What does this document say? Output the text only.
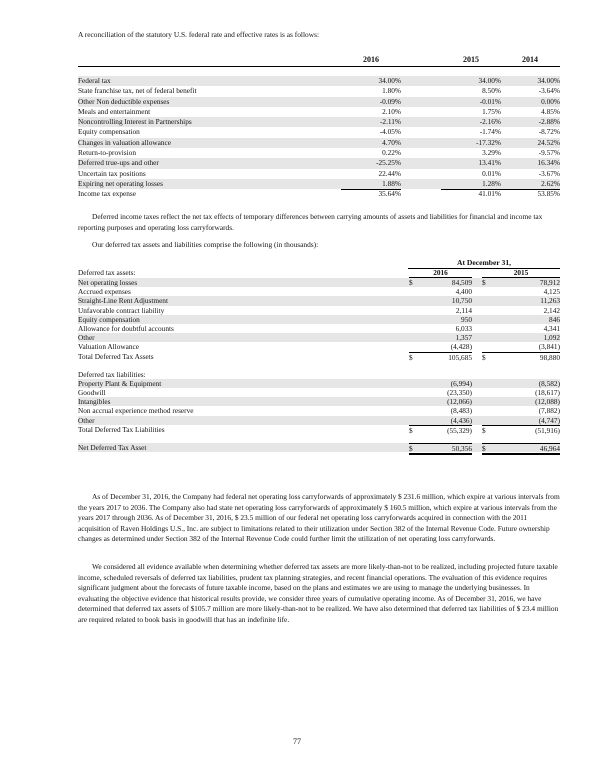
A reconciliation of the statutory U.S. federal rate and effective rates is as follows:

2016	2015	2014
Federal tax	34.00%	34.00%	34.00%
State franchise tax, net of federal benefit	1.80%	8.50%	-3.64%
Other Non deductible expenses	-0.09%	-0.01%	0.00%
Meals and entertainment	2.10%	1.75%	4.85%
Noncontrolling Interest in Partnerships	-2.11%	-2.16%	-2.88%
Equity compensation	-4.05%	-1.74%	-8.72%
Changes in valuation allowance	4.70%	-17.32%	24.52%
Return-to-provision	0.22%	3.29%	-9.57%
Deferred true-ups and other	-25.25%	13.41%	16.34%
Uncertain tax positions	22.44%	0.01%	-3.67%
Expiring net operating losses	1.88%	1.28%	2.62%
Income tax expense	35.64%	41.01%	53.85%

Deferred income taxes reflect the net tax effects of temporary differences between carrying amounts of assets and liabilities for financial and income tax reporting purposes and operating loss carryforwards.

Our deferred tax assets and liabilities comprise the following (in thousands):

At December 31,
Deferred tax assets:	2016	2015
Net operating losses	$	84,509 $	78,912
Accrued expenses	4,400	4,125
Straight-Line Rent Adjustment	10,750	11,263
Unfavorable contract liability	2,114	2,142
Equity compensation	950	846
Allowance for doubtful accounts	6,033	4,341
Other	1,357	1,092
Valuation Allowance	(4,428)	(3,841)
Total Deferred Tax Assets	$	105,685 $	98,880
Deferred tax liabilities:
Property Plant & Equipment	(6,994)	(8,582)
Goodwill	(23,350)	(18,617)
Intangibles	(12,066)	(12,088)
Non accrual experience method reserve	(8,483)	(7,882)
Other	(4,436)	(4,747)
Total Deferred Tax Liabilities	$	(55,329) $	(51,916)
Net Deferred Tax Asset	$	50,356 $	46,964

As of December 31, 2016, the Company had federal net operating loss carryforwards of approximately $ 231.6 million, which expire at various intervals from the years 2017 to 2036. The Company also had state net operating loss carryforwards of approximately $ 160.5 million, which expire at various intervals from the years 2017 through 2036. As of December 31, 2016, $ 23.5 million of our federal net operating loss carryforwards acquired in connection with the 2011 acquisition of Raven Holdings U.S., Inc. are subject to limitations related to their utilization under Section 382 of the Internal Revenue Code. Future ownership changes as determined under Section 382 of the Internal Revenue Code could further limit the utilization of net operating loss carryforwards.

We considered all evidence available when determining whether deferred tax assets are more likely-than-not to be realized, including projected future taxable income, scheduled reversals of deferred tax liabilities, prudent tax planning strategies, and recent financial operations. The evaluation of this evidence requires significant judgment about the forecasts of future taxable income, based on the plans and estimates we are using to manage the underlying businesses. In evaluating the objective evidence that historical results provide, we consider three years of cumulative operating income. As of December 31, 2016, we have determined that deferred tax assets of $105.7 million are more likely-than-not to be realized. We have also determined that deferred tax liabilities of $ 23.4 million are required related to book basis in goodwill that has an indefinite life.

77
